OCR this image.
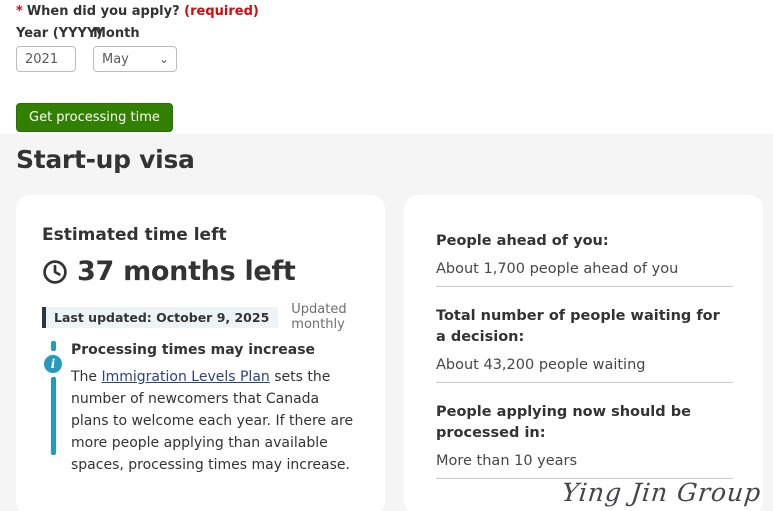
* When did you apply? (required)
Year (YYYY)
2021
Month
May	⌄
Get processing time
Start-up visa
Estimated time left
37 months left
Last updated: October 9, 2025	Updated monthly
i
Processing times may increase
The Immigration Levels Plan sets the number of newcomers that Canada plans to welcome each year. If there are more people applying than available spaces, processing times may increase.
People ahead of you:
About 1,700 people ahead of you
Total number of people waiting for a decision:
About 43,200 people waiting
People applying now should be processed in:
More than 10 years
Ying Jin Group
